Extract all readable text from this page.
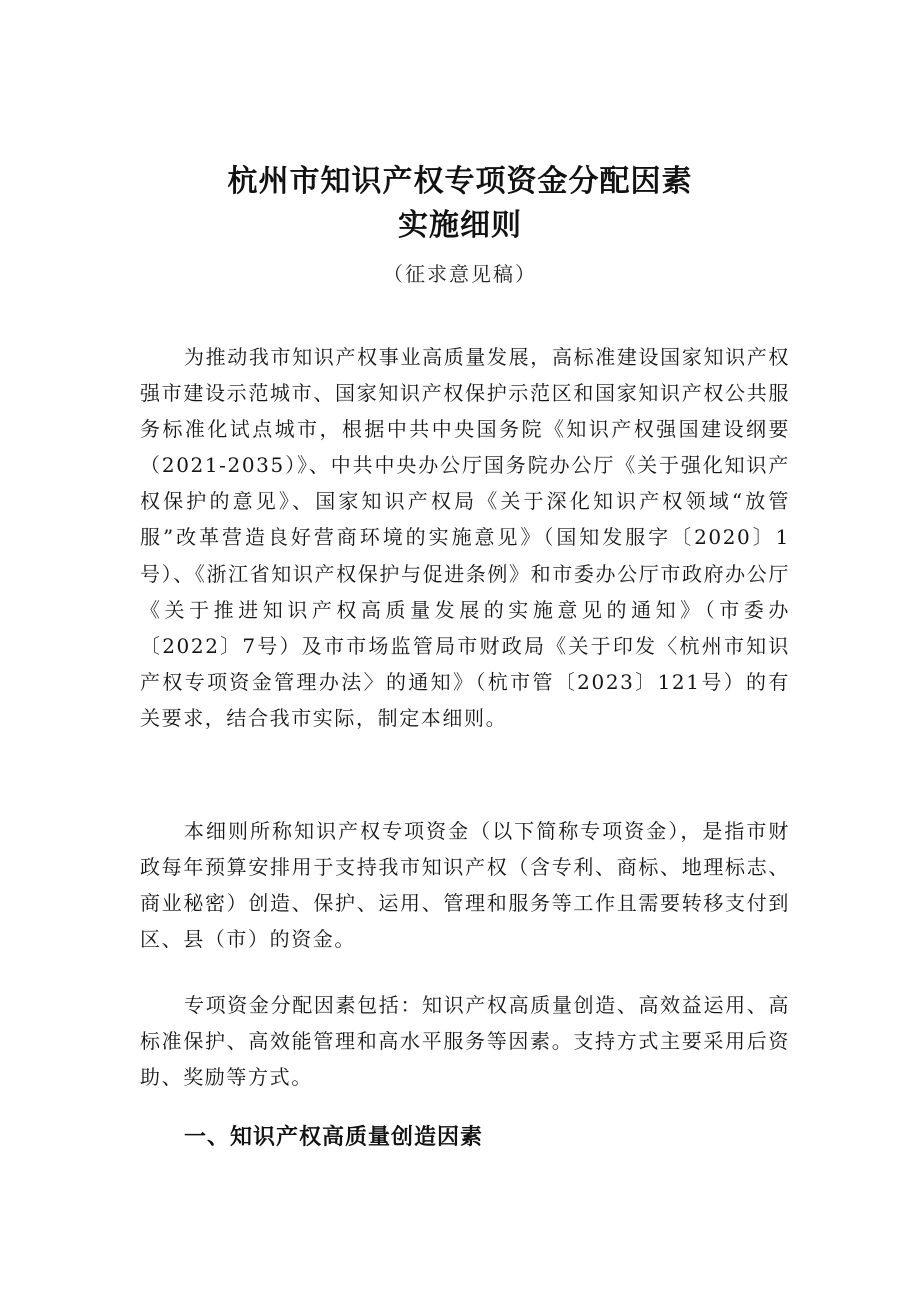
杭州市知识产权专项资金分配因素
实施细则
（征求意见稿）

为推动我市知识产权事业高质量发展，高标准建设国家知识产权强市建设示范城市、国家知识产权保护示范区和国家知识产权公共服务标准化试点城市，根据中共中央国务院《知识产权强国建设纲要（2021-2035）》、中共中央办公厅国务院办公厅《关于强化知识产权保护的意见》、国家知识产权局《关于深化知识产权领域“放管服”改革营造良好营商环境的实施意见》（国知发服字〔2020〕1号）、《浙江省知识产权保护与促进条例》和市委办公厅市政府办公厅《关于推进知识产权高质量发展的实施意见的通知》（市委办〔2022〕7号）及市市场监管局市财政局《关于印发〈杭州市知识产权专项资金管理办法〉的通知》（杭市管〔2023〕121号）的有关要求，结合我市实际，制定本细则。

本细则所称知识产权专项资金（以下简称专项资金），是指市财政每年预算安排用于支持我市知识产权（含专利、商标、地理标志、商业秘密）创造、保护、运用、管理和服务等工作且需要转移支付到区、县（市）的资金。

专项资金分配因素包括：知识产权高质量创造、高效益运用、高标准保护、高效能管理和高水平服务等因素。支持方式主要采用后资助、奖励等方式。

一、知识产权高质量创造因素
